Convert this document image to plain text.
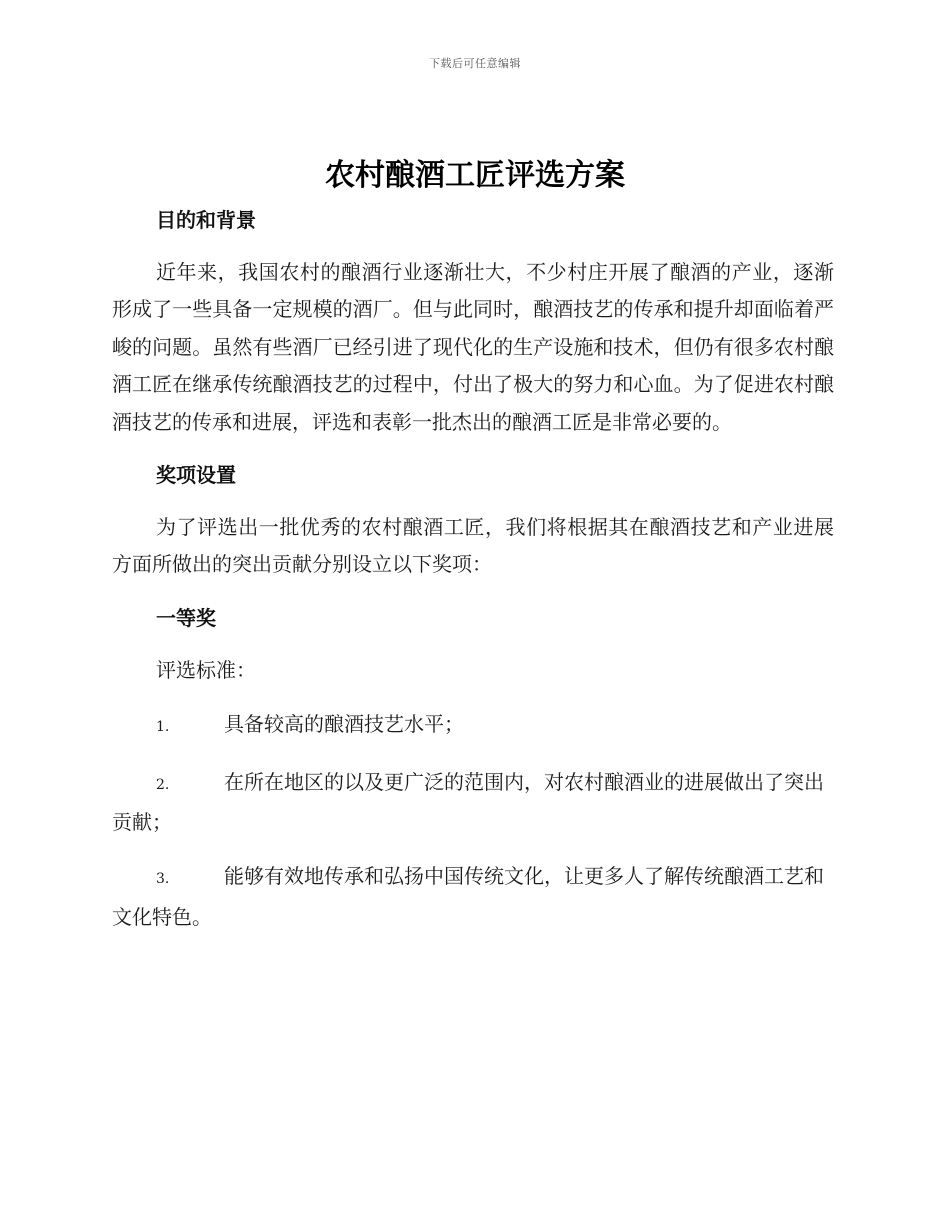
下载后可任意编辑
农村酿酒工匠评选方案
目的和背景

近年来，我国农村的酿酒行业逐渐壮大，不少村庄开展了酿酒的产业，逐渐形成了一些具备一定规模的酒厂。但与此同时，酿酒技艺的传承和提升却面临着严峻的问题。虽然有些酒厂已经引进了现代化的生产设施和技术，但仍有很多农村酿酒工匠在继承传统酿酒技艺的过程中，付出了极大的努力和心血。为了促进农村酿酒技艺的传承和进展，评选和表彰一批杰出的酿酒工匠是非常必要的。

奖项设置

为了评选出一批优秀的农村酿酒工匠，我们将根据其在酿酒技艺和产业进展方面所做出的突出贡献分别设立以下奖项：

一等奖

评选标准：

1.	具备较高的酿酒技艺水平；

2.	在所在地区的以及更广泛的范围内，对农村酿酒业的进展做出了突出贡献；

3.	能够有效地传承和弘扬中国传统文化，让更多人了解传统酿酒工艺和文化特色。
